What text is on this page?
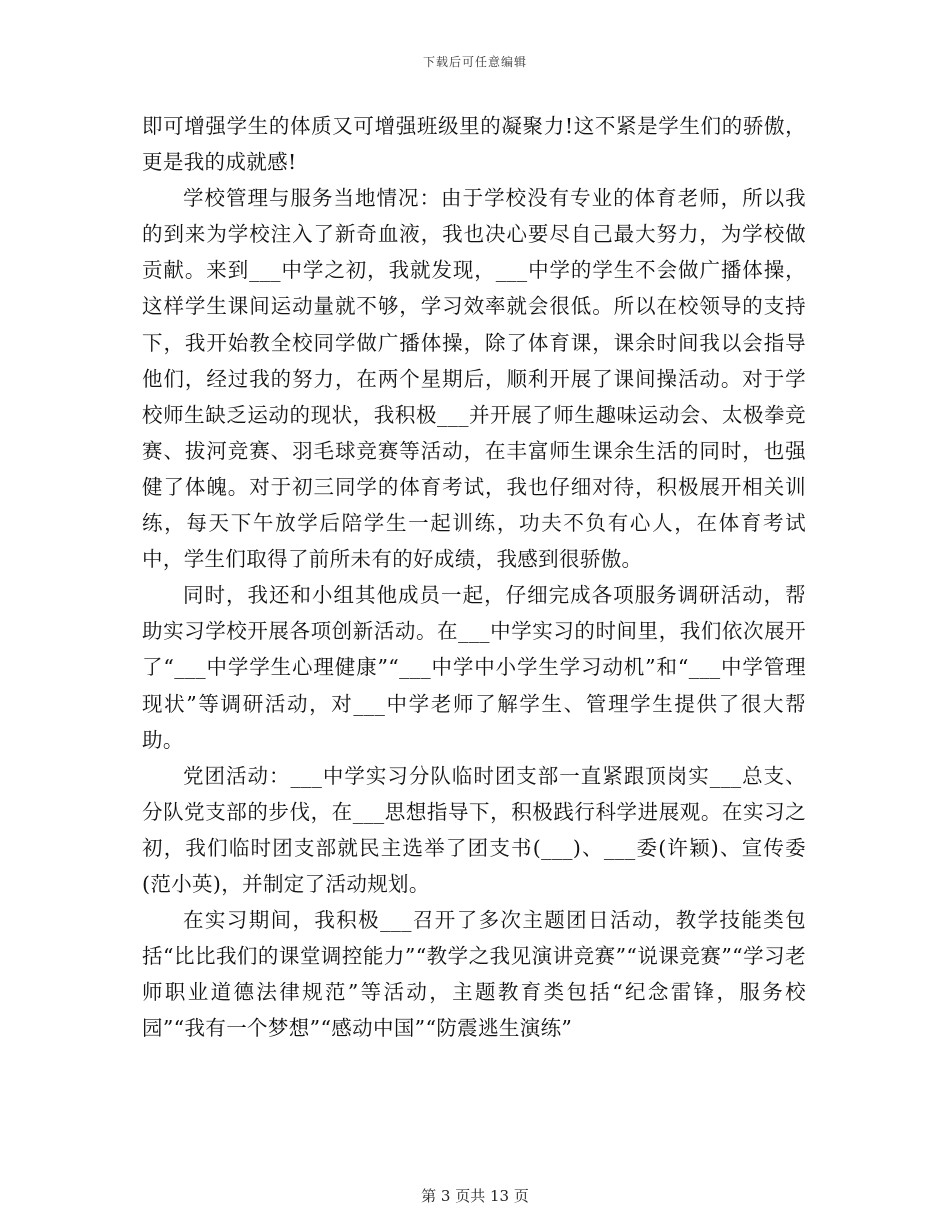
下载后可任意编辑

即可增强学生的体质又可增强班级里的凝聚力!这不紧是学生们的骄傲，更是我的成就感!

学校管理与服务当地情况：由于学校没有专业的体育老师，所以我的到来为学校注入了新奇血液，我也决心要尽自己最大努力，为学校做贡献。来到___中学之初，我就发现，___中学的学生不会做广播体操，这样学生课间运动量就不够，学习效率就会很低。所以在校领导的支持下，我开始教全校同学做广播体操，除了体育课，课余时间我以会指导他们，经过我的努力，在两个星期后，顺利开展了课间操活动。对于学校师生缺乏运动的现状，我积极___并开展了师生趣味运动会、太极拳竞赛、拔河竞赛、羽毛球竞赛等活动，在丰富师生课余生活的同时，也强健了体魄。对于初三同学的体育考试，我也仔细对待，积极展开相关训练，每天下午放学后陪学生一起训练，功夫不负有心人，在体育考试中，学生们取得了前所未有的好成绩，我感到很骄傲。

同时，我还和小组其他成员一起，仔细完成各项服务调研活动，帮助实习学校开展各项创新活动。在___中学实习的时间里，我们依次展开了“___中学学生心理健康”“___中学中小学生学习动机”和“___中学管理现状”等调研活动，对___中学老师了解学生、管理学生提供了很大帮助。

党团活动：___中学实习分队临时团支部一直紧跟顶岗实___总支、分队党支部的步伐，在___思想指导下，积极践行科学进展观。在实习之初，我们临时团支部就民主选举了团支书(___)、___委(许颖)、宣传委(范小英)，并制定了活动规划。

在实习期间，我积极___召开了多次主题团日活动，教学技能类包括“比比我们的课堂调控能力”“教学之我见演讲竞赛”“说课竞赛”“学习老师职业道德法律规范”等活动，主题教育类包括“纪念雷锋，服务校园”“我有一个梦想”“感动中国”“防震逃生演练”

第 3 页共 13 页
